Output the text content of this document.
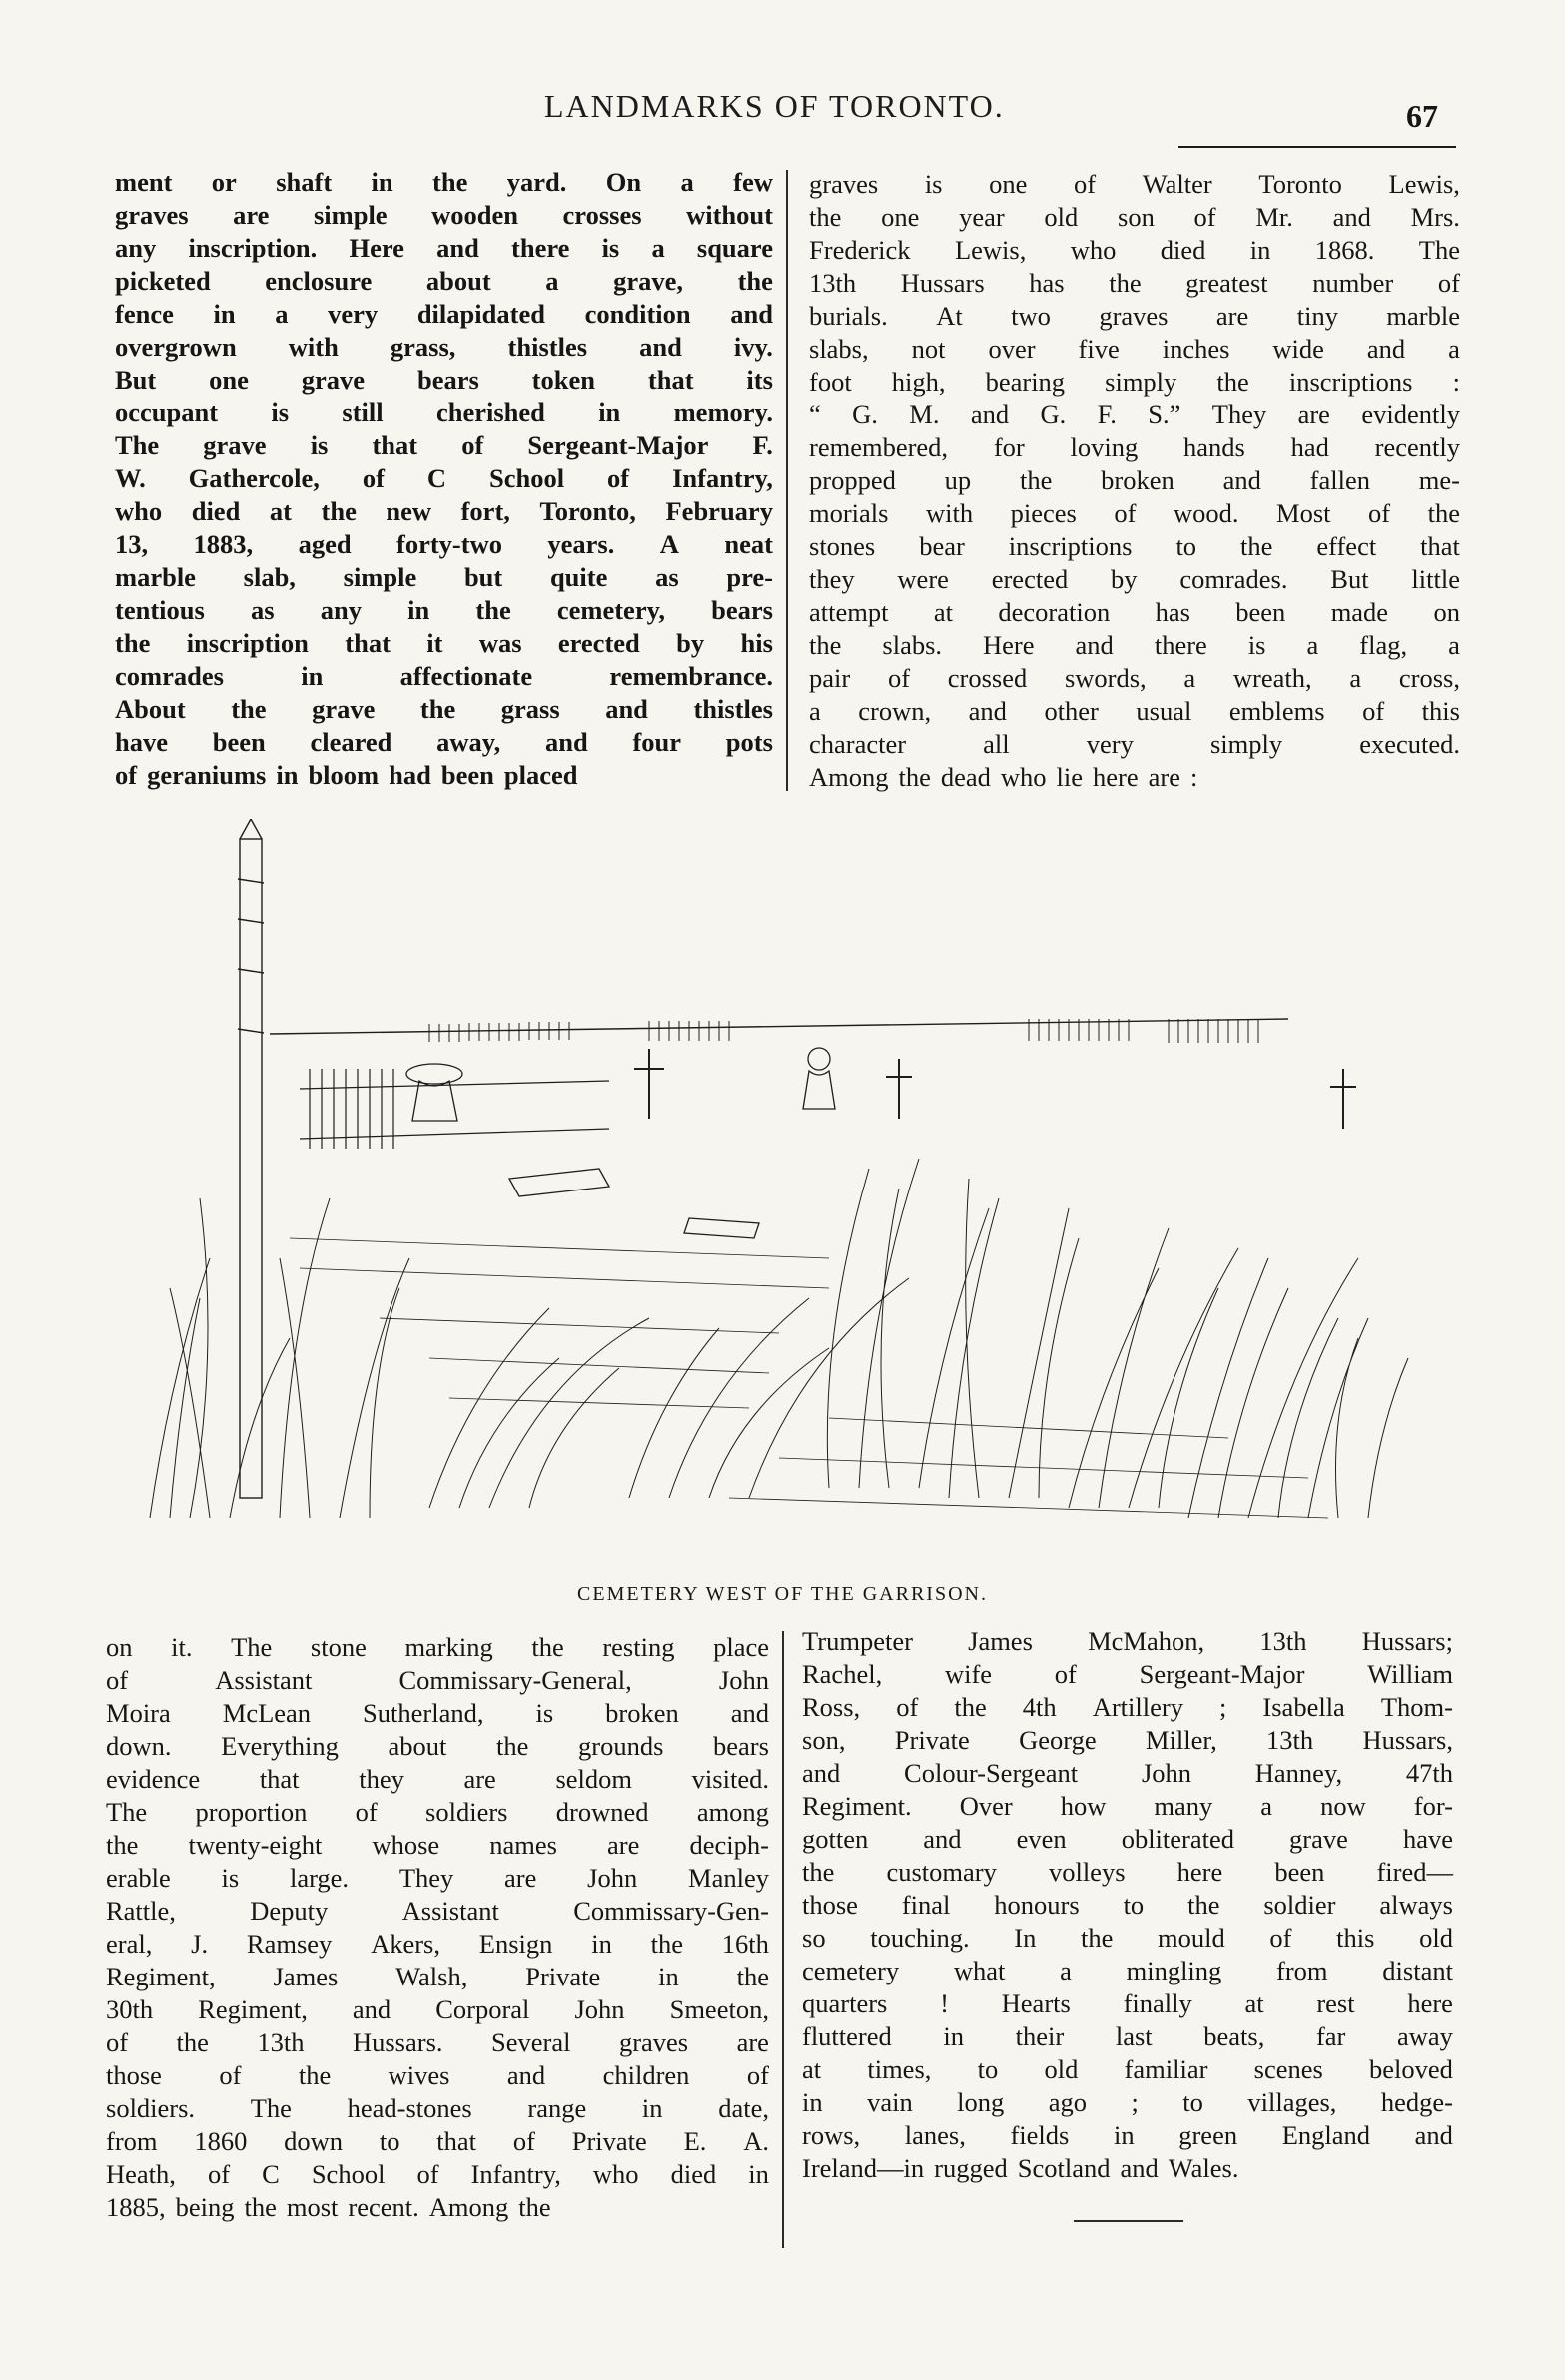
LANDMARKS OF TORONTO.	67
ment or shaft in the yard. On a few
graves are simple wooden crosses without
any inscription. Here and there is a square
picketed enclosure about a grave, the
fence in a very dilapidated condition and
overgrown with grass, thistles and ivy.
But one grave bears token that its
occupant is still cherished in memory.
The grave is that of Sergeant-Major F.
W. Gathercole, of C School of Infantry,
who died at the new fort, Toronto, February
13, 1883, aged forty-two years. A neat
marble slab, simple but quite as pre-
tentious as any in the cemetery, bears
the inscription that it was erected by his
comrades	in	affectionate	remembrance.
About the grave the grass and thistles
have been cleared away, and four pots
of geraniums in bloom had been placed
graves is one of Walter Toronto Lewis,
the one year old son of Mr. and Mrs.
Frederick Lewis, who died in 1868. The
13th Hussars has the greatest number of
burials. At two graves are tiny marble
slabs, not over five inches wide and a
foot high, bearing simply the inscriptions :
“ G. M. and G. F. S.” They are evidently
remembered, for loving hands had recently
propped up the broken and fallen me-
morials with pieces of wood. Most of the
stones bear inscriptions to the effect that
they were erected by comrades. But little
attempt at decoration has been made on
the slabs. Here and there is a flag, a
pair of crossed swords, a wreath, a cross,
a crown, and other usual emblems of this
character	all	very	simply	executed.
Among the dead who lie here are :
CEMETERY WEST OF THE GARRISON.
on it. The stone marking the resting place
of	Assistant	Commissary-General,	John
Moira McLean Sutherland, is broken and
down. Everything about the grounds bears
evidence that they are seldom visited.
The proportion of soldiers drowned among
the twenty-eight whose names are deciph-
erable is large. They are John Manley
Rattle,	Deputy	Assistant	Commissary-Gen-
eral, J. Ramsey Akers, Ensign in the 16th
Regiment, James Walsh, Private in the
30th Regiment, and Corporal John Smeeton,
of the 13th Hussars. Several graves are
those of the wives and children of
soldiers. The head-stones range in date,
from 1860 down to that of Private E. A.
Heath, of C School of Infantry, who died in
1885, being the most recent. Among the
Trumpeter James McMahon, 13th Hussars;
Rachel, wife of Sergeant-Major William
Ross, of the 4th Artillery ; Isabella Thom-
son, Private George Miller, 13th Hussars,
and Colour-Sergeant John Hanney, 47th
Regiment. Over how many a now for-
gotten and even obliterated grave have
the customary volleys here been fired—
those final honours to the soldier always
so touching. In the mould of this old
cemetery what a mingling from distant
quarters ! Hearts finally at rest here
fluttered in their last beats, far away
at times, to old familiar scenes beloved
in vain long ago ; to villages, hedge-
rows, lanes, fields in green England and
Ireland—in rugged Scotland and Wales.
